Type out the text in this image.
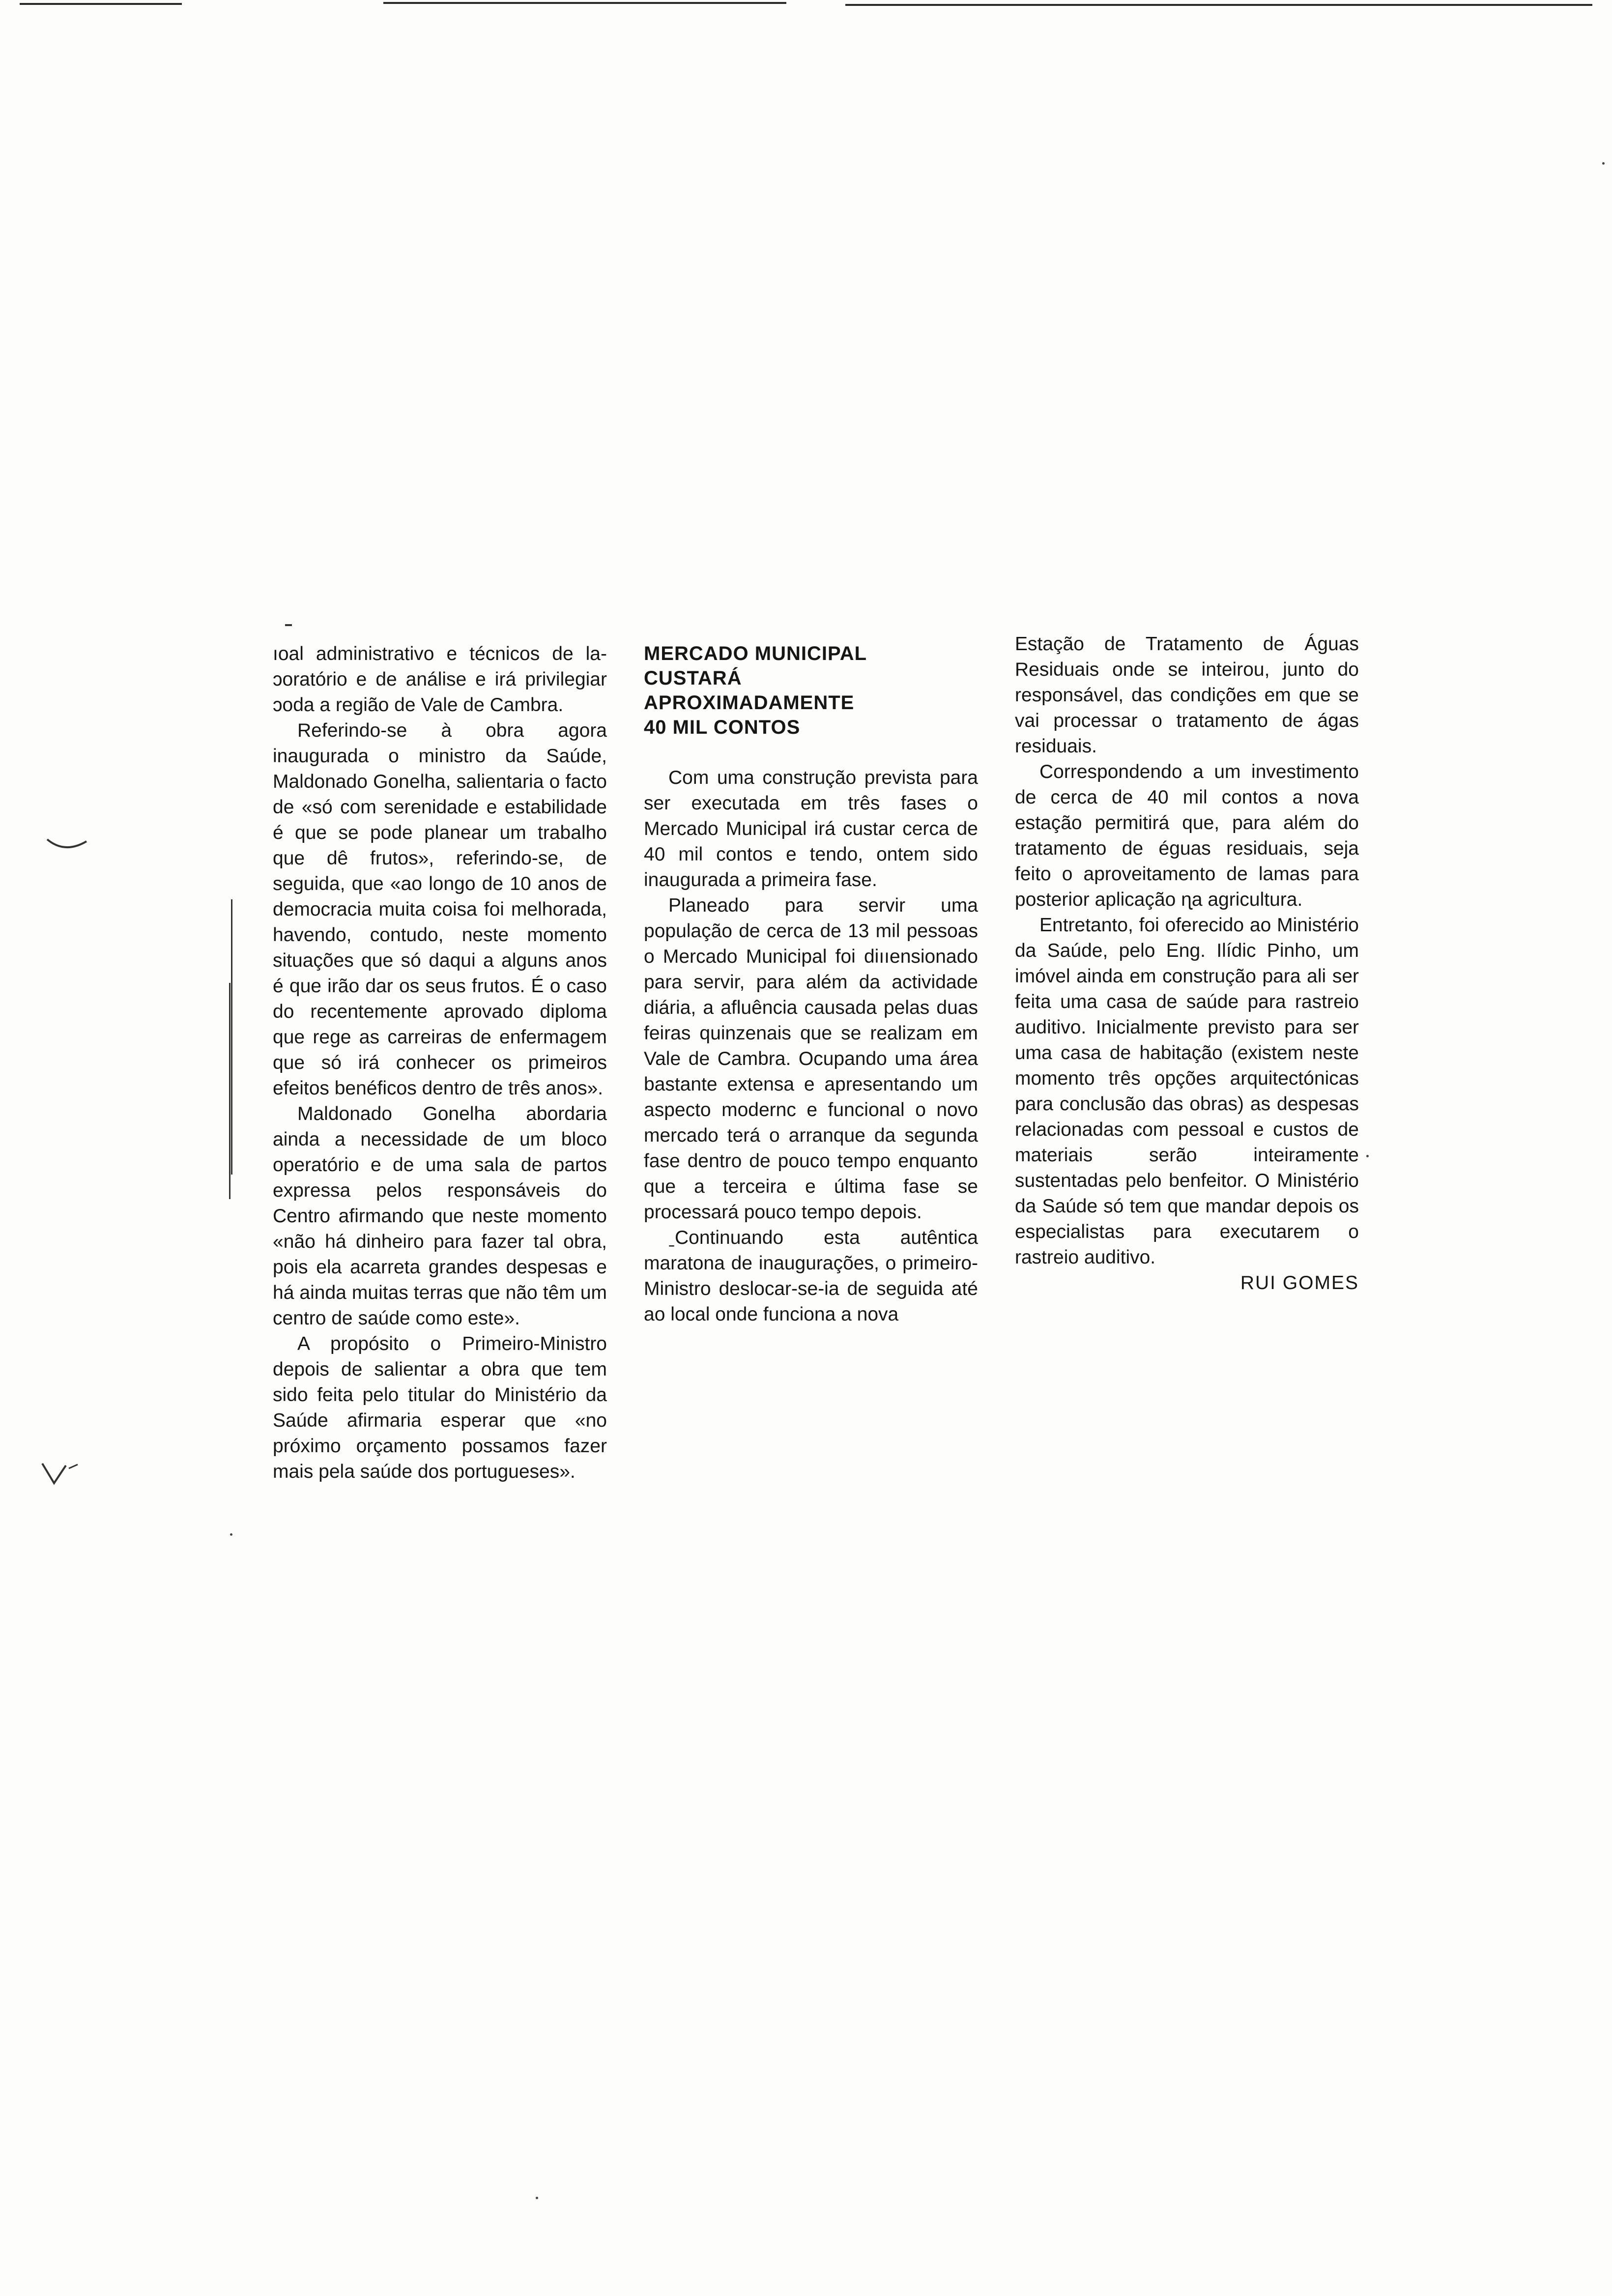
ıoal administrativo e técnicos de laɔoratório e de análise e irá privilegiar ɔoda a região de Vale de Cambra.

Referindo-se à obra agora inaugurada o ministro da Saúde, Maldonado Gonelha, salientaria o facto de «só com serenidade e estabilidade é que se pode planear um trabalho que dê frutos», referindo-se, de seguida, que «ao longo de 10 anos de democracia muita coisa foi melhorada, havendo, contudo, neste momento situações que só daqui a alguns anos é que irão dar os seus frutos. É o caso do recentemente aprovado diploma que rege as carreiras de enfermagem que só irá conhecer os primeiros efeitos benéficos dentro de três anos».

Maldonado Gonelha abordaria ainda a necessidade de um bloco operatório e de uma sala de partos expressa pelos responsáveis do Centro afirmando que neste momento «não há dinheiro para fazer tal obra, pois ela acarreta grandes despesas e há ainda muitas terras que não têm um centro de saúde como este».

A propósito o Primeiro-Ministro depois de salientar a obra que tem sido feita pelo titular do Ministério da Saúde afirmaria esperar que «no próximo orçamento possamos fazer mais pela saúde dos portugueses».

MERCADO MUNICIPAL
CUSTARÁ
APROXIMADAMENTE
40 MIL CONTOS

Com uma construção prevista para ser executada em três fases o Mercado Municipal irá custar cerca de 40 mil contos e tendo, ontem sido inaugurada a primeira fase.

Planeado para servir uma população de cerca de 13 mil pessoas o Mercado Municipal foi diııensionado para servir, para além da actividade diária, a afluência causada pelas duas feiras quinzenais que se realizam em Vale de Cambra. Ocupando uma área bastante extensa e apresentando um aspecto modernc e funcional o novo mercado terá o arranque da segunda fase dentro de pouco tempo enquanto que a terceira e última fase se processará pouco tempo depois.

ˍContinuando esta autêntica maratona de inaugurações, o primeiro-Ministro deslocar-se-ia de seguida até ao local onde funciona a nova

Estação de Tratamento de Águas Residuais onde se inteirou, junto do responsável, das condições em que se vai processar o tratamento de ágas residuais.

Correspondendo a um investimento de cerca de 40 mil contos a nova estação permitirá que, para além do tratamento de éguas residuais, seja feito o aproveitamento de lamas para posterior aplicação ɳa agricultura.

Entretanto, foi oferecido ao Ministério da Saúde, pelo Eng. Ilídic Pinho, um imóvel ainda em construção para ali ser feita uma casa de saúde para rastreio auditivo. Inicialmente previsto para ser uma casa de habitação (existem neste momento três opções arquitectónicas para conclusão das obras) as despesas relacionadas com pessoal e custos de materiais serão inteiramente sustentadas pelo benfeitor. O Ministério da Saúde só tem que mandar depois os especialistas para executarem o rastreio auditivo.

RUI GOMES
